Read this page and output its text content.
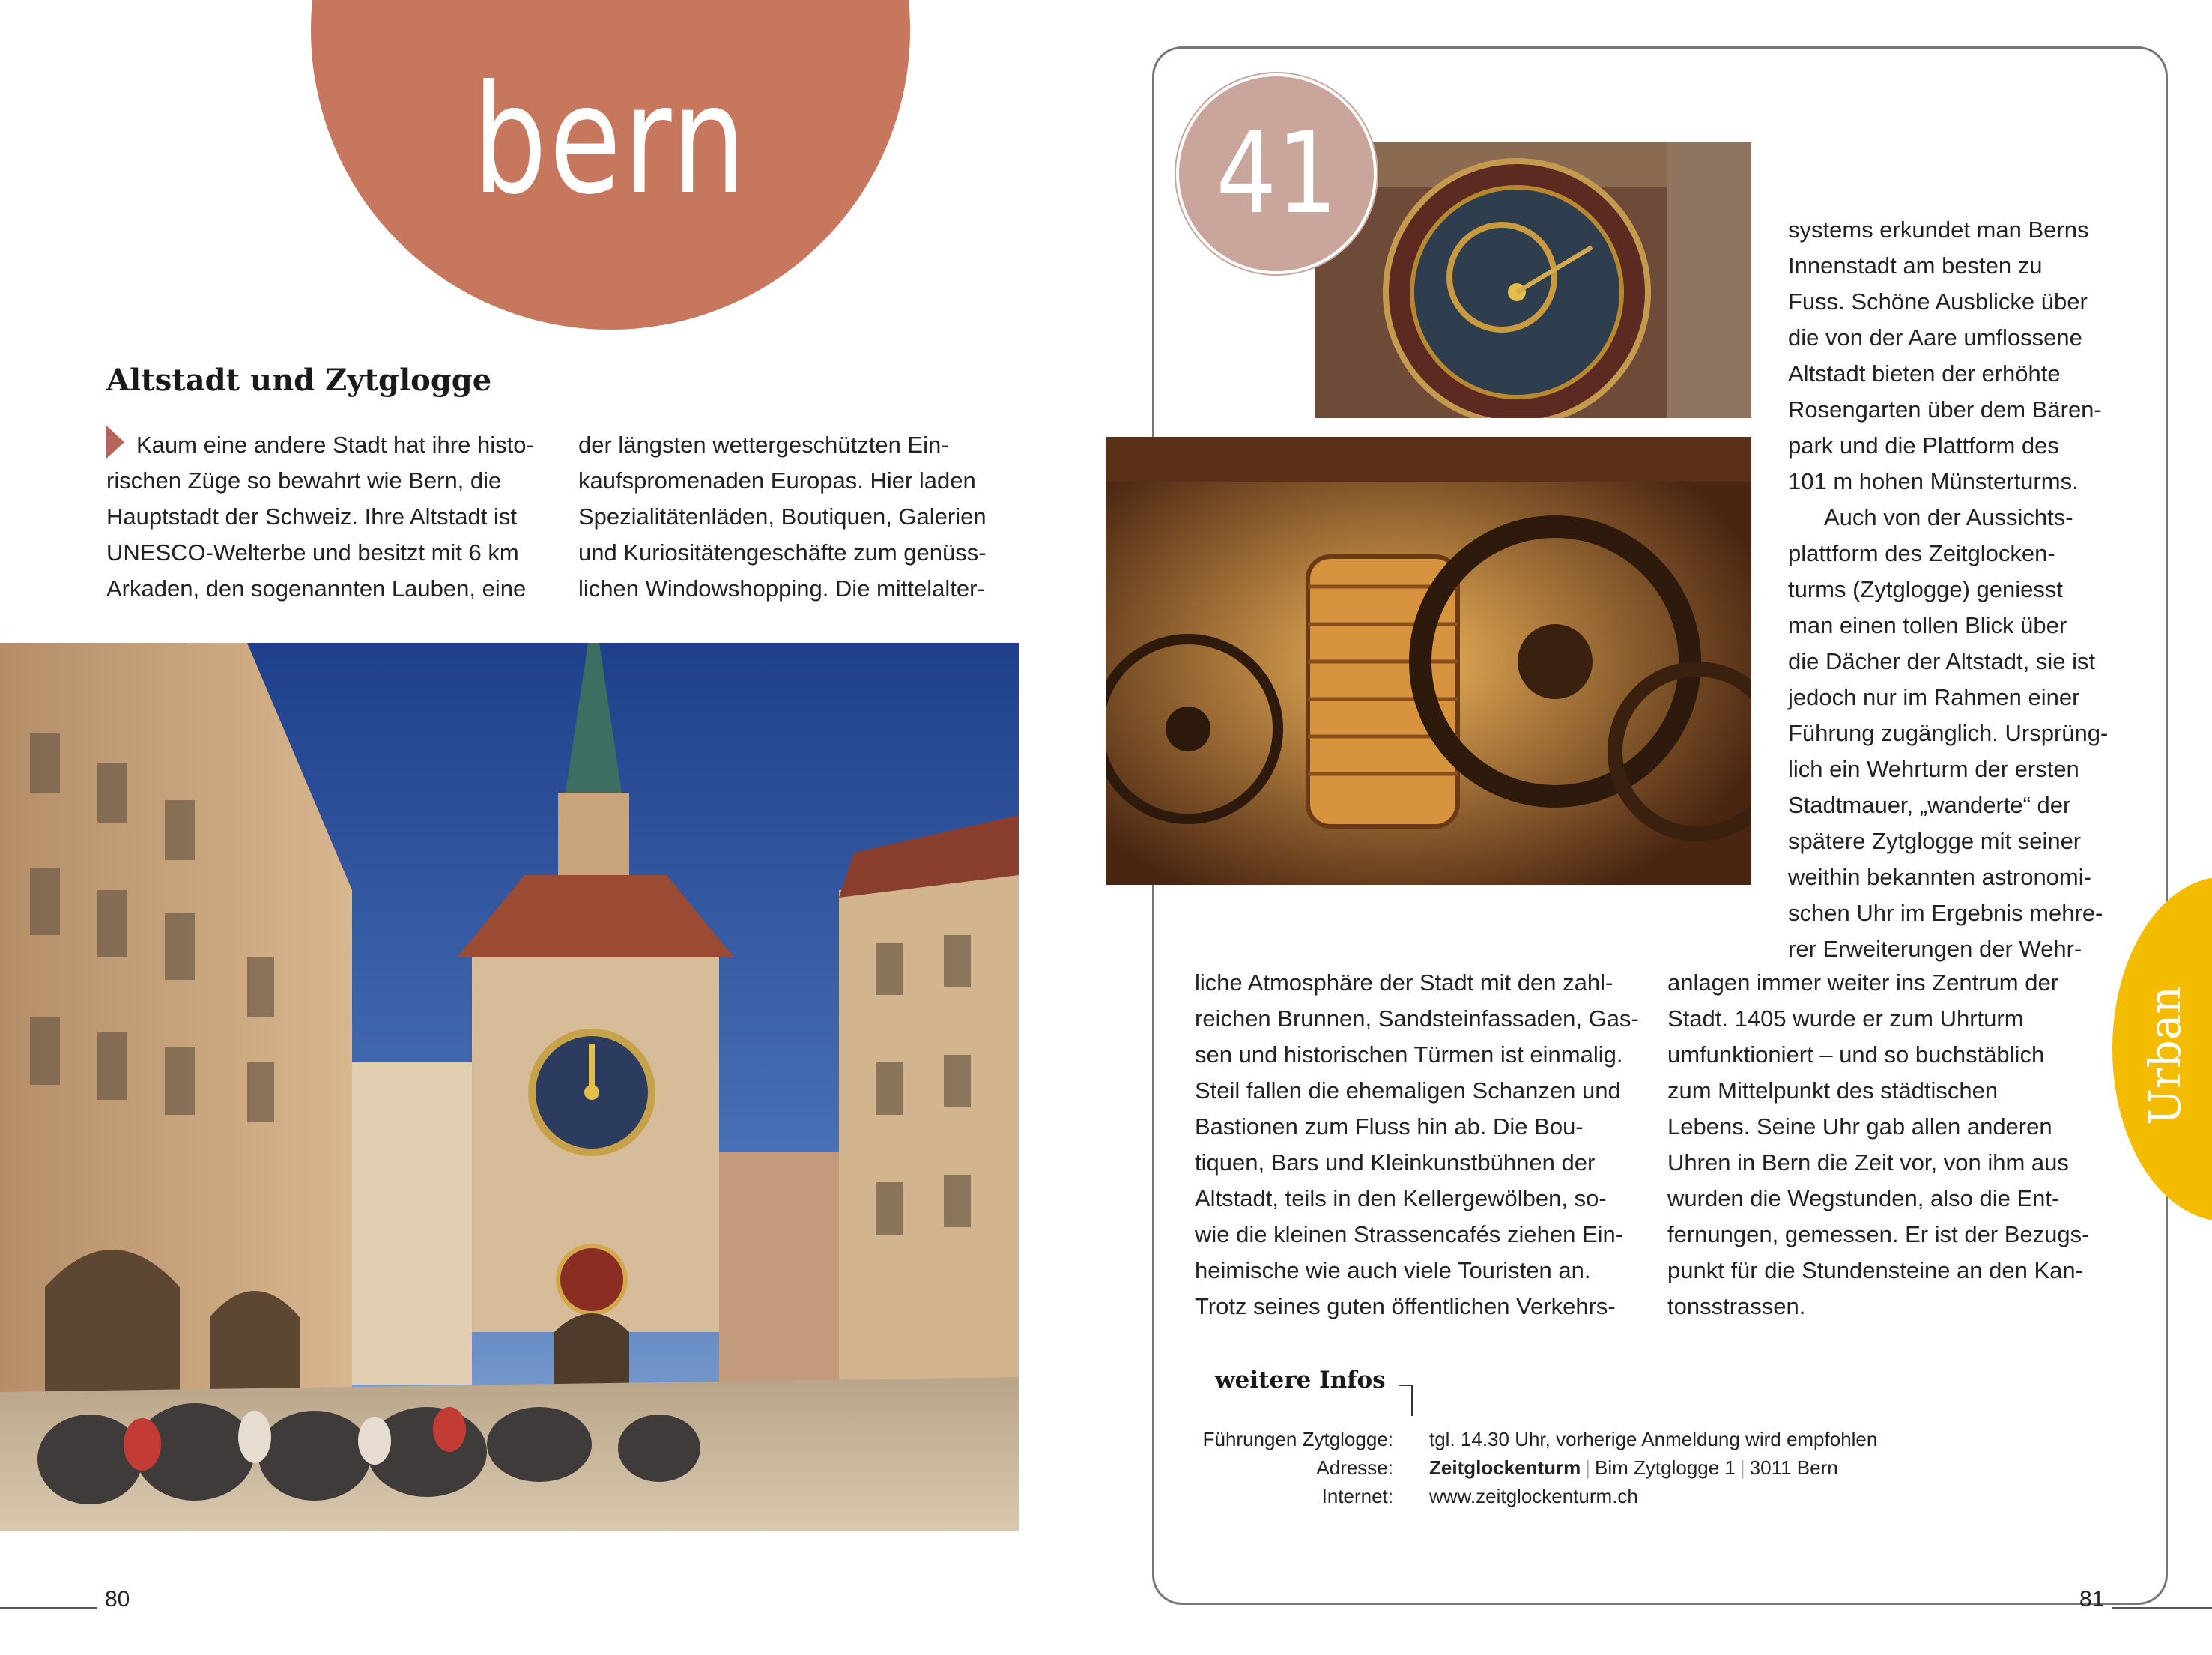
bern
Altstadt und Zytglogge

Kaum eine andere Stadt hat ihre histo-

rischen Züge so bewahrt wie Bern, die

Hauptstadt der Schweiz. Ihre Altstadt ist

UNESCO-Welterbe und besitzt mit 6 km

Arkaden, den sogenannten Lauben, eine

der längsten wettergeschützten Ein-

kaufspromenaden Europas. Hier laden

Spezialitätenläden, Boutiquen, Galerien

und Kuriositätengeschäfte zum genüss-

lichen Windowshopping. Die mittelalter-

80
41	systems erkundet man Berns

Innenstadt am besten zu

Fuss. Schöne Ausblicke über

die von der Aare umflossene

Altstadt bieten der erhöhte

Rosengarten über dem Bären-

park und die Plattform des

101 m hohen Münsterturms.

Auch von der Aussichts-

plattform des Zeitglocken-

turms (Zytglogge) geniesst

man einen tollen Blick über

die Dächer der Altstadt, sie ist

jedoch nur im Rahmen einer

Führung zugänglich. Ursprüng-

lich ein Wehrturm der ersten

Stadtmauer, „wanderte“ der

spätere Zytglogge mit seiner

weithin bekannten astronomi-

schen Uhr im Ergebnis mehre-

rer Erweiterungen der Wehr-

liche Atmosphäre der Stadt mit den zahl-

reichen Brunnen, Sandsteinfassaden, Gas-

sen und historischen Türmen ist einmalig.

Steil fallen die ehemaligen Schanzen und

Bastionen zum Fluss hin ab. Die Bou-

tiquen, Bars und Kleinkunstbühnen der

Altstadt, teils in den Kellergewölben, so-

wie die kleinen Strassencafés ziehen Ein-

heimische wie auch viele Touristen an.

Trotz seines guten öffentlichen Verkehrs-

anlagen immer weiter ins Zentrum der

Stadt. 1405 wurde er zum Uhrturm

umfunktioniert – und so buchstäblich

zum Mittelpunkt des städtischen

Lebens. Seine Uhr gab allen anderen

Uhren in Bern die Zeit vor, von ihm aus

wurden die Wegstunden, also die Ent-

fernungen, gemessen. Er ist der Bezugs-

punkt für die Stundensteine an den Kan-

tonsstrassen.

Urban
weitere Infos
Führungen Zytglogge: tgl. 14.30 Uhr, vorherige Anmeldung wird empfohlen
Adresse: Zeitglockenturm | Bim Zytglogge 1 | 3011 Bern
Internet: www.zeitglockenturm.ch
81
